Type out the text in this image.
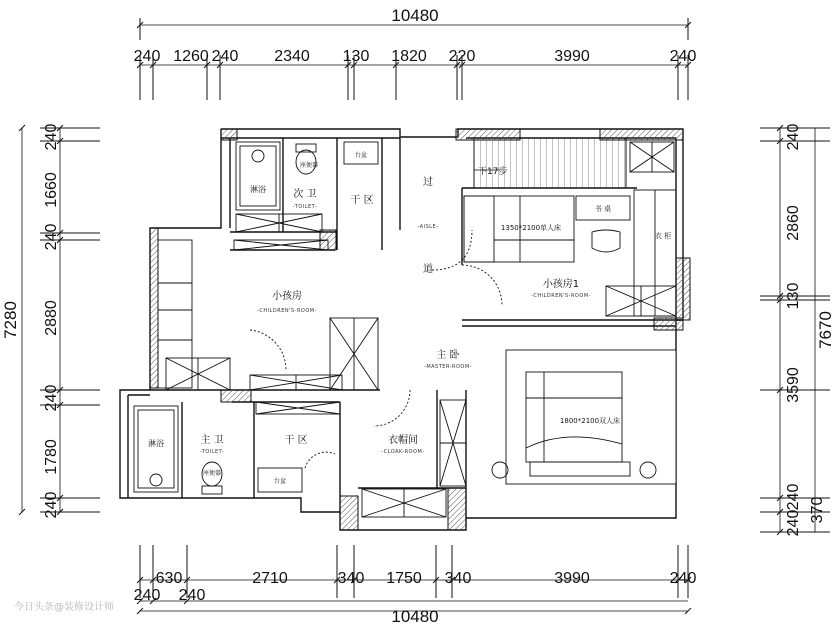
10480
240 1260 240 2340 130 1820 220	3990	240
630	2710	340 1750 340	3990	240
240 240
10480
7280
240
1660
240
2880
240
1780
240
7670
240
2860
130
3590
240 370
240
下17步
淋浴
座便器
台盆
1350*2100单人床
书 桌
衣 柜
1800*2100双人床
淋浴
座便器
台盆
次 卫
-TOILET-
干 区
过
-AISLE-
道
小孩房
-CHILDREN'S-ROOM-
小孩房1
-CHILDREN'S-ROOM-
主 卧
-MASTER-ROOM-
主 卫
-TOILET-
干 区	衣帽间
-CLOAK-ROOM-
今日头条@装修设计师
